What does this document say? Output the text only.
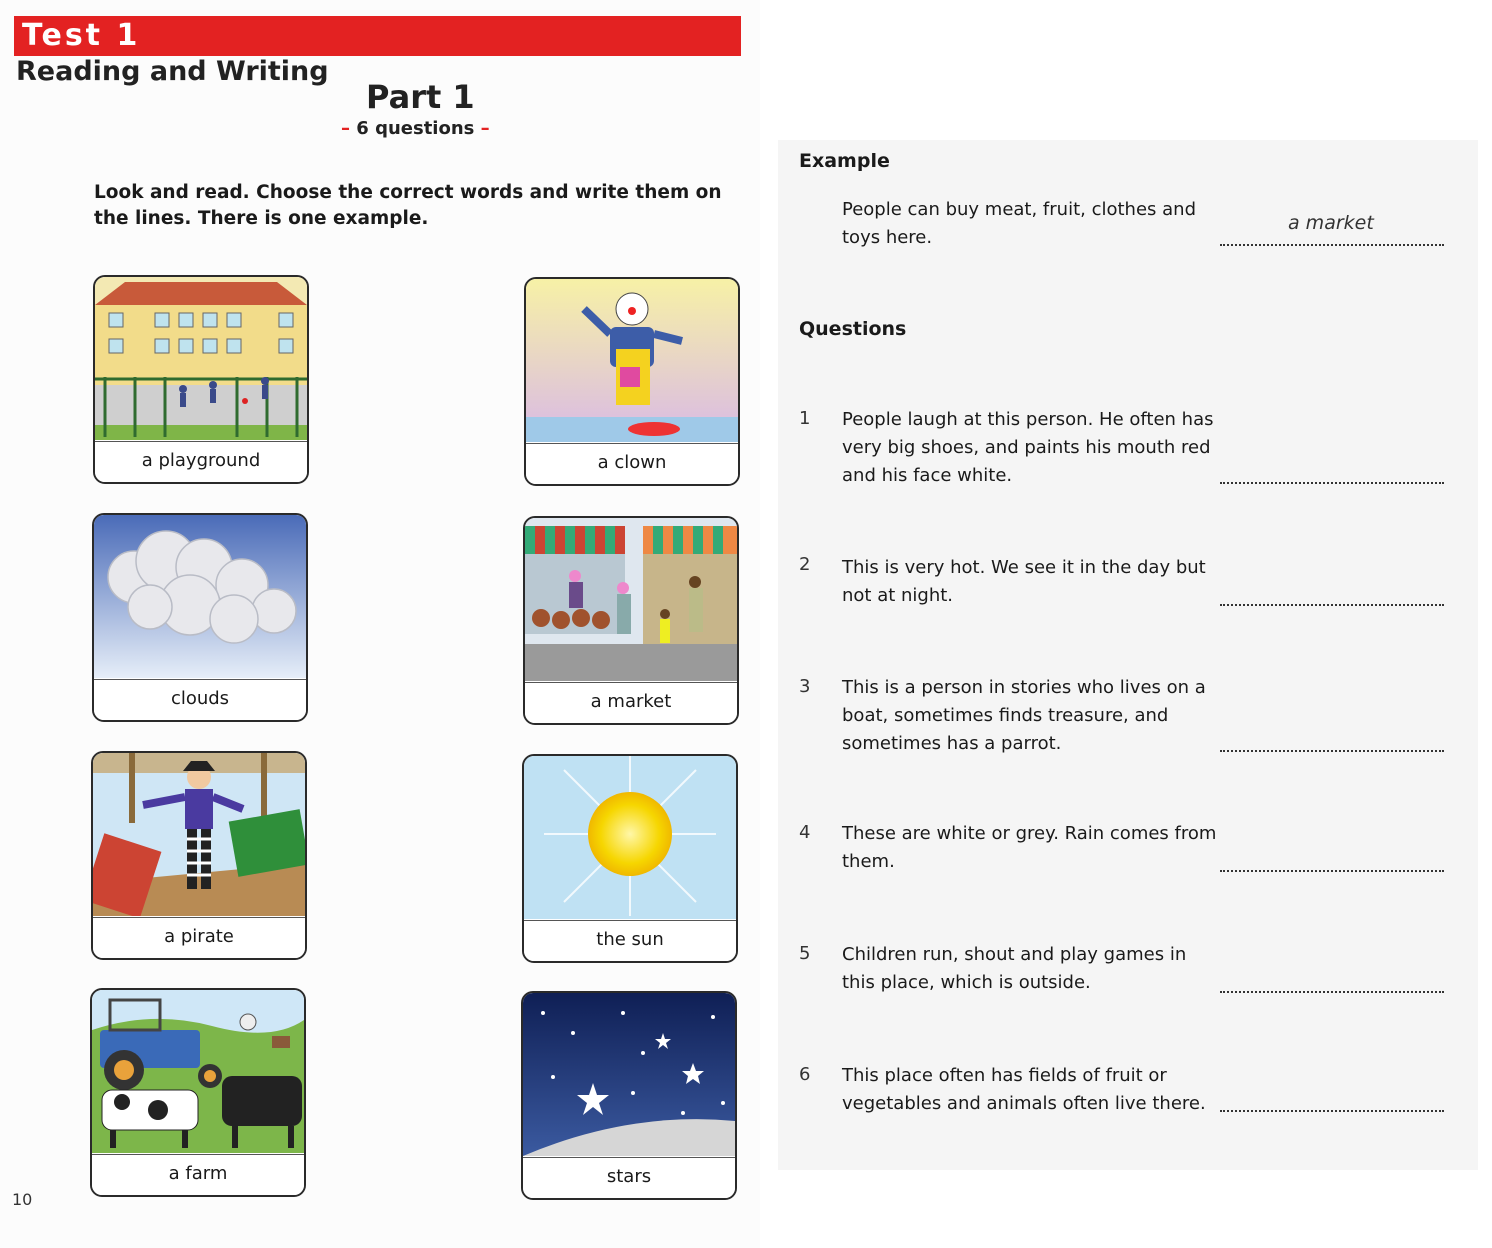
Test 1
Reading and Writing
Part 1
– 6 questions –
Look and read. Choose the correct words and write them on the lines. There is one example.
a playground	a clown
clouds	a market
a pirate	the sun
a farm	stars
10
Example
People can buy meat, fruit, clothes and toys here.
a market
Questions
1 People laugh at this person. He often has very big shoes, and paints his mouth red and his face white.
2 This is very hot. We see it in the day but not at night.
3 This is a person in stories who lives on a boat, sometimes finds treasure, and sometimes has a parrot.
4 These are white or grey. Rain comes from them.
5 Children run, shout and play games in this place, which is outside.
6 This place often has fields of fruit or vegetables and animals often live there.
